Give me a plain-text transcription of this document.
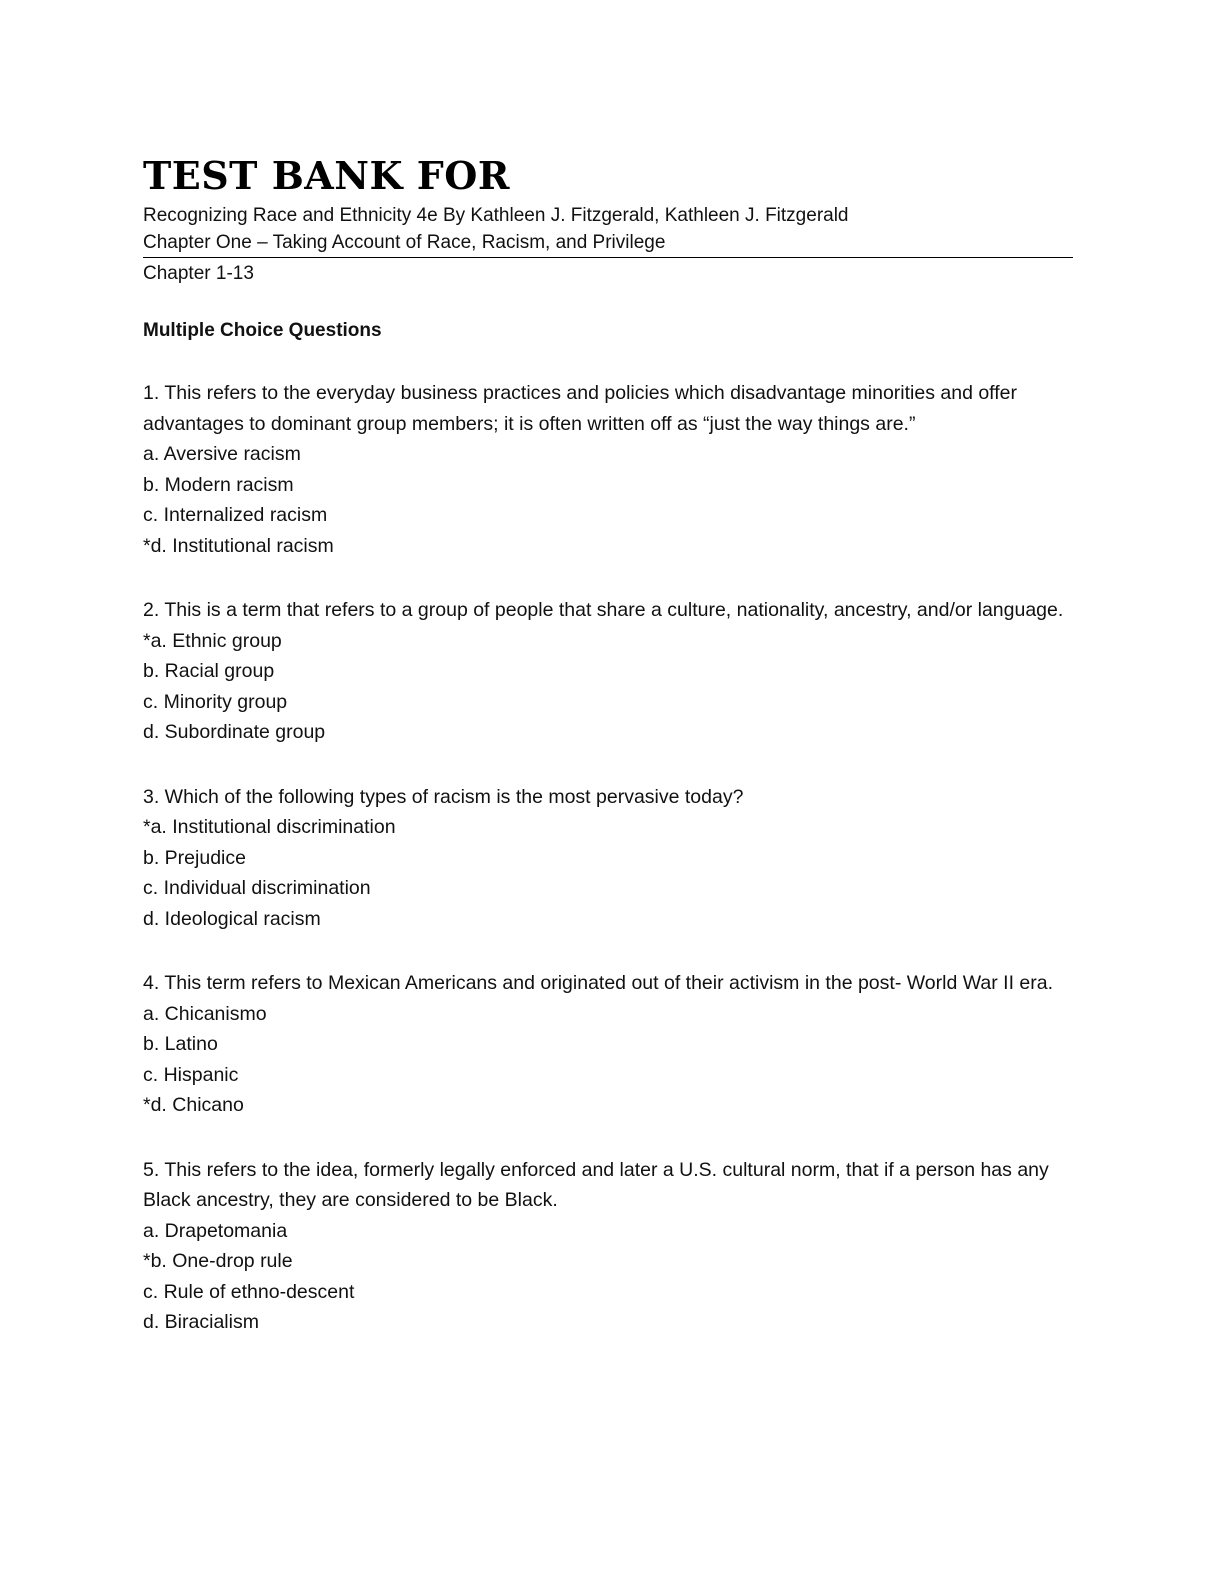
TEST BANK FOR

Recognizing Race and Ethnicity 4e By Kathleen J. Fitzgerald, Kathleen J. Fitzgerald

Chapter One – Taking Account of Race, Racism, and Privilege

Chapter 1-13

Multiple Choice Questions

1. This refers to the everyday business practices and policies which disadvantage minorities and offer advantages to dominant group members; it is often written off as “just the way things are.”

a. Aversive racism
b. Modern racism
c. Internalized racism
*d. Institutional racism

2. This is a term that refers to a group of people that share a culture, nationality, ancestry, and/or language.

*a. Ethnic group
b. Racial group
c. Minority group
d. Subordinate group

3. Which of the following types of racism is the most pervasive today?

*a. Institutional discrimination
b. Prejudice
c. Individual discrimination
d. Ideological racism

4. This term refers to Mexican Americans and originated out of their activism in the post- World War II era.

a. Chicanismo
b. Latino
c. Hispanic
*d. Chicano

5. This refers to the idea, formerly legally enforced and later a U.S. cultural norm, that if a person has any Black ancestry, they are considered to be Black.

a. Drapetomania
*b. One-drop rule
c. Rule of ethno-descent
d. Biracialism
